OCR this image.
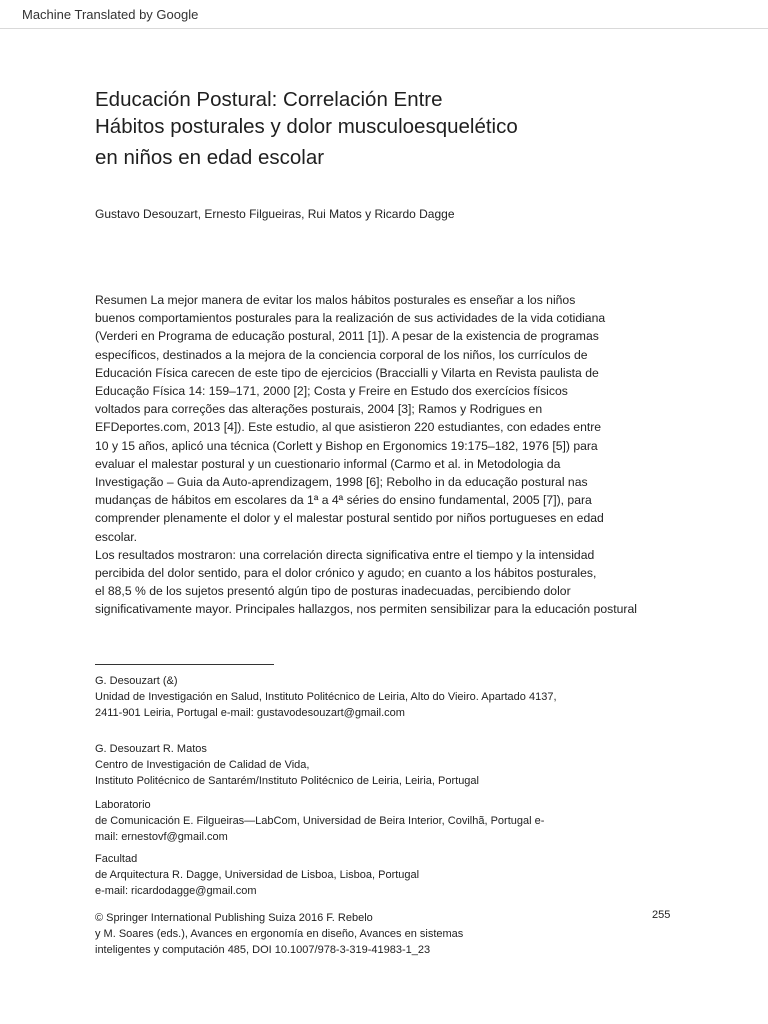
Machine Translated by Google
Educación Postural: Correlación Entre
Hábitos posturales y dolor musculoesquelético
en niños en edad escolar
Gustavo Desouzart, Ernesto Filgueiras, Rui Matos y Ricardo Dagge
Resumen La mejor manera de evitar los malos hábitos posturales es enseñar a los niños
buenos comportamientos posturales para la realización de sus actividades de la vida cotidiana
(Verderi en Programa de educação postural, 2011 [1]). A pesar de la existencia de programas
específicos, destinados a la mejora de la conciencia corporal de los niños, los currículos de
Educación Física carecen de este tipo de ejercicios (Braccialli y Vilarta en Revista paulista de
Educação Física 14: 159–171, 2000 [2]; Costa y Freire en Estudo dos exercícios físicos
voltados para correções das alterações posturais, 2004 [3]; Ramos y Rodrigues en
EFDeportes.com, 2013 [4]). Este estudio, al que asistieron 220 estudiantes, con edades entre
10 y 15 años, aplicó una técnica (Corlett y Bishop en Ergonomics 19:175–182, 1976 [5]) para
evaluar el malestar postural y un cuestionario informal (Carmo et al. in Metodologia da
Investigação – Guia da Auto-aprendizagem, 1998 [6]; Rebolho in da educação postural nas
mudanças de hábitos em escolares da 1ª a 4ª séries do ensino fundamental, 2005 [7]), para
comprender plenamente el dolor y el malestar postural sentido por niños portugueses en edad
escolar.
Los resultados mostraron: una correlación directa significativa entre el tiempo y la intensidad
percibida del dolor sentido, para el dolor crónico y agudo; en cuanto a los hábitos posturales,
el 88,5 % de los sujetos presentó algún tipo de posturas inadecuadas, percibiendo dolor
significativamente mayor. Principales hallazgos, nos permiten sensibilizar para la educación postural
G. Desouzart (&)
Unidad de Investigación en Salud, Instituto Politécnico de Leiria, Alto do Vieiro. Apartado 4137,
2411-901 Leiria, Portugal e-mail: gustavodesouzart@gmail.com
G. Desouzart R. Matos
Centro de Investigación de Calidad de Vida,
Instituto Politécnico de Santarém/Instituto Politécnico de Leiria, Leiria, Portugal
Laboratorio
de Comunicación E. Filgueiras—LabCom, Universidad de Beira Interior, Covilhã, Portugal e-
mail: ernestovf@gmail.com
Facultad
de Arquitectura R. Dagge, Universidad de Lisboa, Lisboa, Portugal
e-mail: ricardodagge@gmail.com
© Springer International Publishing Suiza 2016 F. Rebelo
y M. Soares (eds.), Avances en ergonomía en diseño, Avances en sistemas
inteligentes y computación 485, DOI 10.1007/978-3-319-41983-1_23
255
